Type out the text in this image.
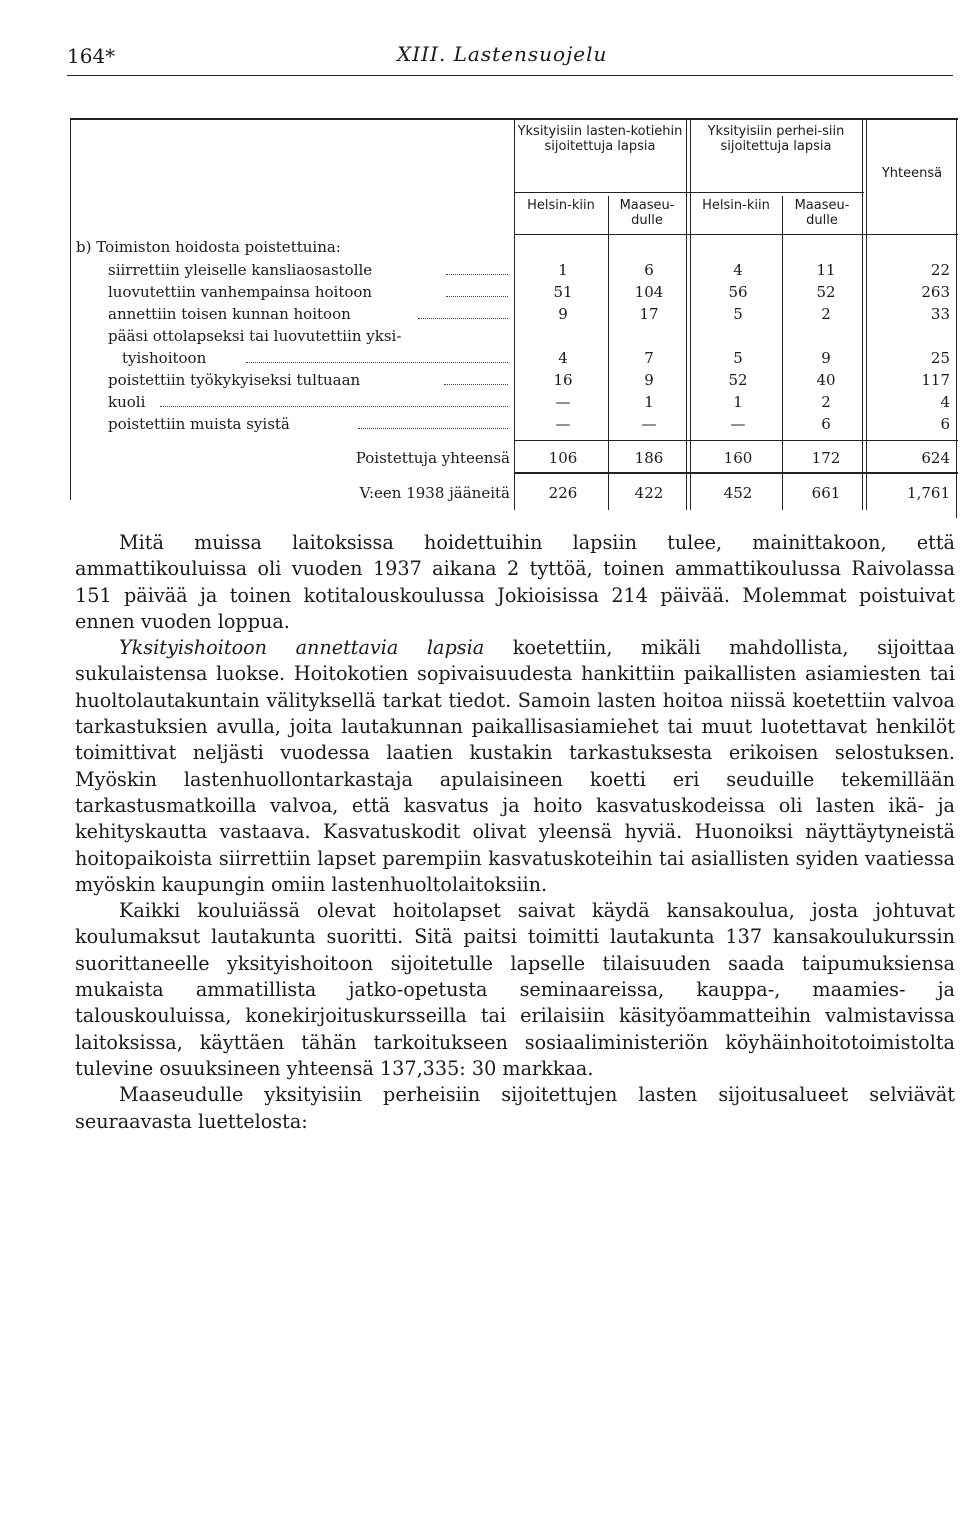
164*	XIII. Lastensuojelu
Yksityisiin lasten-kotiehin sijoitettuja lapsia
Yksityisiin perhei-siin sijoitettuja lapsia
Yhteensä
Helsin-kiin	Maaseu-dulle
Helsin-kiin	Maaseu-dulle
b) Toimiston hoidosta poistettuina:
siirrettiin yleiselle kansliaosastolle	1	6	4	11	22
luovutettiin vanhempainsa hoitoon	51	104	56	52	263
annettiin toisen kunnan hoitoon	9	17	5	2	33
pääsi ottolapseksi tai luovutettiin yksi-
tyishoitoon	4	7	5	9	25
poistettiin työkykyiseksi tultuaan	16	9	52	40	117
kuoli	—	1	1	2	4
poistettiin muista syistä	—	—	—	6	6
Poistettuja yhteensä	106	186	160	172	624
V:een 1938 jääneitä	226	422	452	661	1,761

Mitä muissa laitoksissa hoidettuihin lapsiin tulee, mainittakoon, että ammattikouluissa oli vuoden 1937 aikana 2 tyttöä, toinen ammattikoulussa Raivolassa 151 päivää ja toinen kotitalouskoulussa Jokioisissa 214 päivää. Molemmat poistuivat ennen vuoden loppua.

Yksityishoitoon annettavia lapsia koetettiin, mikäli mahdollista, sijoittaa sukulaistensa luokse. Hoitokotien sopivaisuudesta hankittiin paikallisten asiamiesten tai huoltolautakuntain välityksellä tarkat tiedot. Samoin lasten hoitoa niissä koetettiin valvoa tarkastuksien avulla, joita lautakunnan paikallisasiamiehet tai muut luotettavat henkilöt toimittivat neljästi vuodessa laatien kustakin tarkastuksesta erikoisen selostuksen. Myöskin lastenhuollontarkastaja apulaisineen koetti eri seuduille tekemillään tarkastusmatkoilla valvoa, että kasvatus ja hoito kasvatuskodeissa oli lasten ikä- ja kehityskautta vastaava. Kasvatuskodit olivat yleensä hyviä. Huonoiksi näyttäytyneistä hoitopaikoista siirrettiin lapset parempiin kasvatuskoteihin tai asiallisten syiden vaatiessa myöskin kaupungin omiin lastenhuoltolaitoksiin.

Kaikki kouluiässä olevat hoitolapset saivat käydä kansakoulua, josta johtuvat koulumaksut lautakunta suoritti. Sitä paitsi toimitti lautakunta 137 kansakoulukurssin suorittaneelle yksityishoitoon sijoitetulle lapselle tilaisuuden saada taipumuksiensa mukaista ammatillista jatko-opetusta seminaareissa, kauppa-, maamies- ja talouskouluissa, konekirjoituskursseilla tai erilaisiin käsityöammatteihin valmistavissa laitoksissa, käyttäen tähän tarkoitukseen sosiaaliministeriön köyhäinhoitotoimistolta tulevine osuuksineen yhteensä 137,335: 30 markkaa.

Maaseudulle yksityisiin perheisiin sijoitettujen lasten sijoitusalueet selviävät seuraavasta luettelosta:
